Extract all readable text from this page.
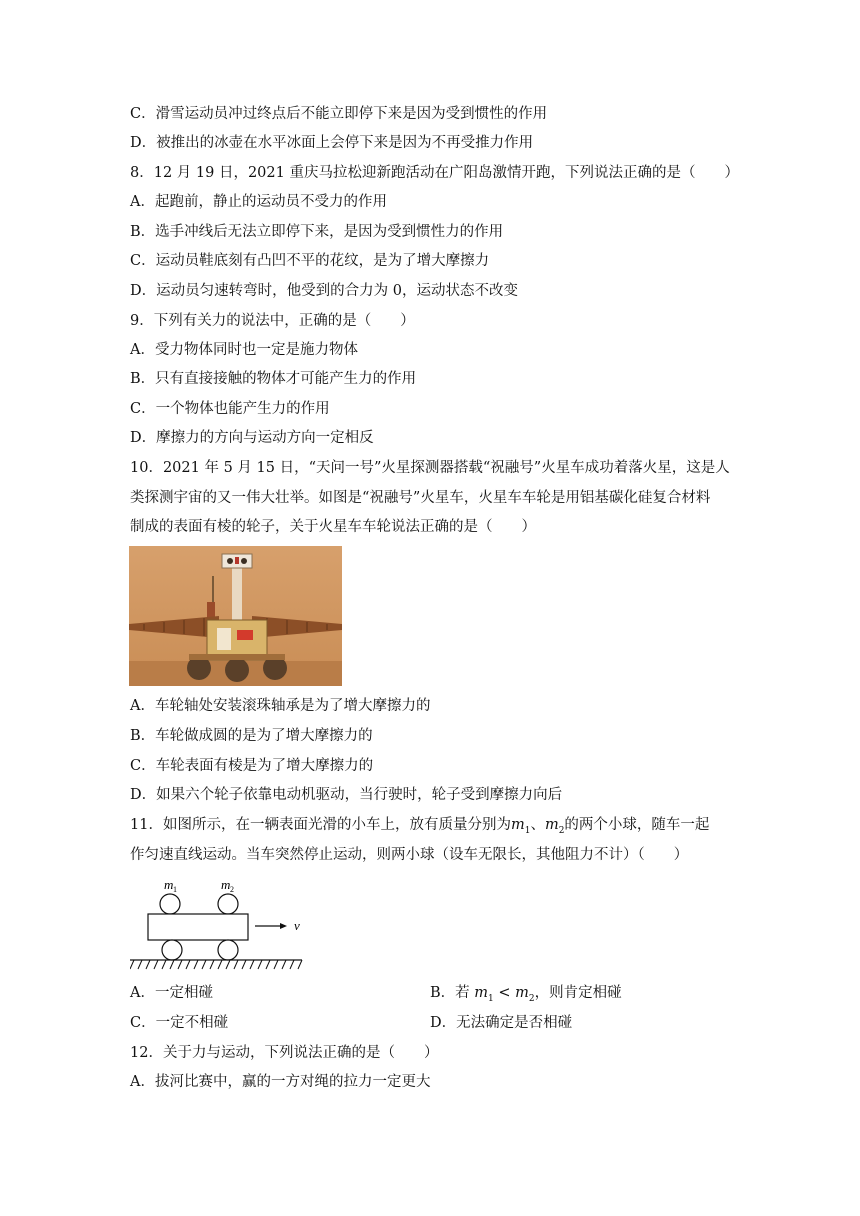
C．滑雪运动员冲过终点后不能立即停下来是因为受到惯性的作用
D．被推出的冰壶在水平冰面上会停下来是因为不再受推力作用
8．12 月 19 日，2021 重庆马拉松迎新跑活动在广阳岛激情开跑，下列说法正确的是（　　）
A．起跑前，静止的运动员不受力的作用
B．选手冲线后无法立即停下来，是因为受到惯性力的作用
C．运动员鞋底刻有凸凹不平的花纹，是为了增大摩擦力
D．运动员匀速转弯时，他受到的合力为 0，运动状态不改变
9．下列有关力的说法中，正确的是（　　）
A．受力物体同时也一定是施力物体
B．只有直接接触的物体才可能产生力的作用
C．一个物体也能产生力的作用
D．摩擦力的方向与运动方向一定相反
10．2021 年 5 月 15 日，“天问一号”火星探测器搭载“祝融号”火星车成功着落火星，这是人
类探测宇宙的又一伟大壮举。如图是“祝融号”火星车，火星车车轮是用铝基碳化硅复合材料
制成的表面有棱的轮子，关于火星车车轮说法正确的是（　　）
A．车轮轴处安装滚珠轴承是为了增大摩擦力的
B．车轮做成圆的是为了增大摩擦力的
C．车轮表面有棱是为了增大摩擦力的
D．如果六个轮子依靠电动机驱动，当行驶时，轮子受到摩擦力向后
11．如图所示，在一辆表面光滑的小车上，放有质量分别为$m_1$、$m_2$的两个小球，随车一起
作匀速直线运动。当车突然停止运动，则两小球（设车无限长，其他阻力不计）（　　）
m 1	m 2
v
A．一定相碰	B．若 $m_1 < m_2$，则肯定相碰
C．一定不相碰	D．无法确定是否相碰
12．关于力与运动，下列说法正确的是（　　）
A．拔河比赛中，赢的一方对绳的拉力一定更大
